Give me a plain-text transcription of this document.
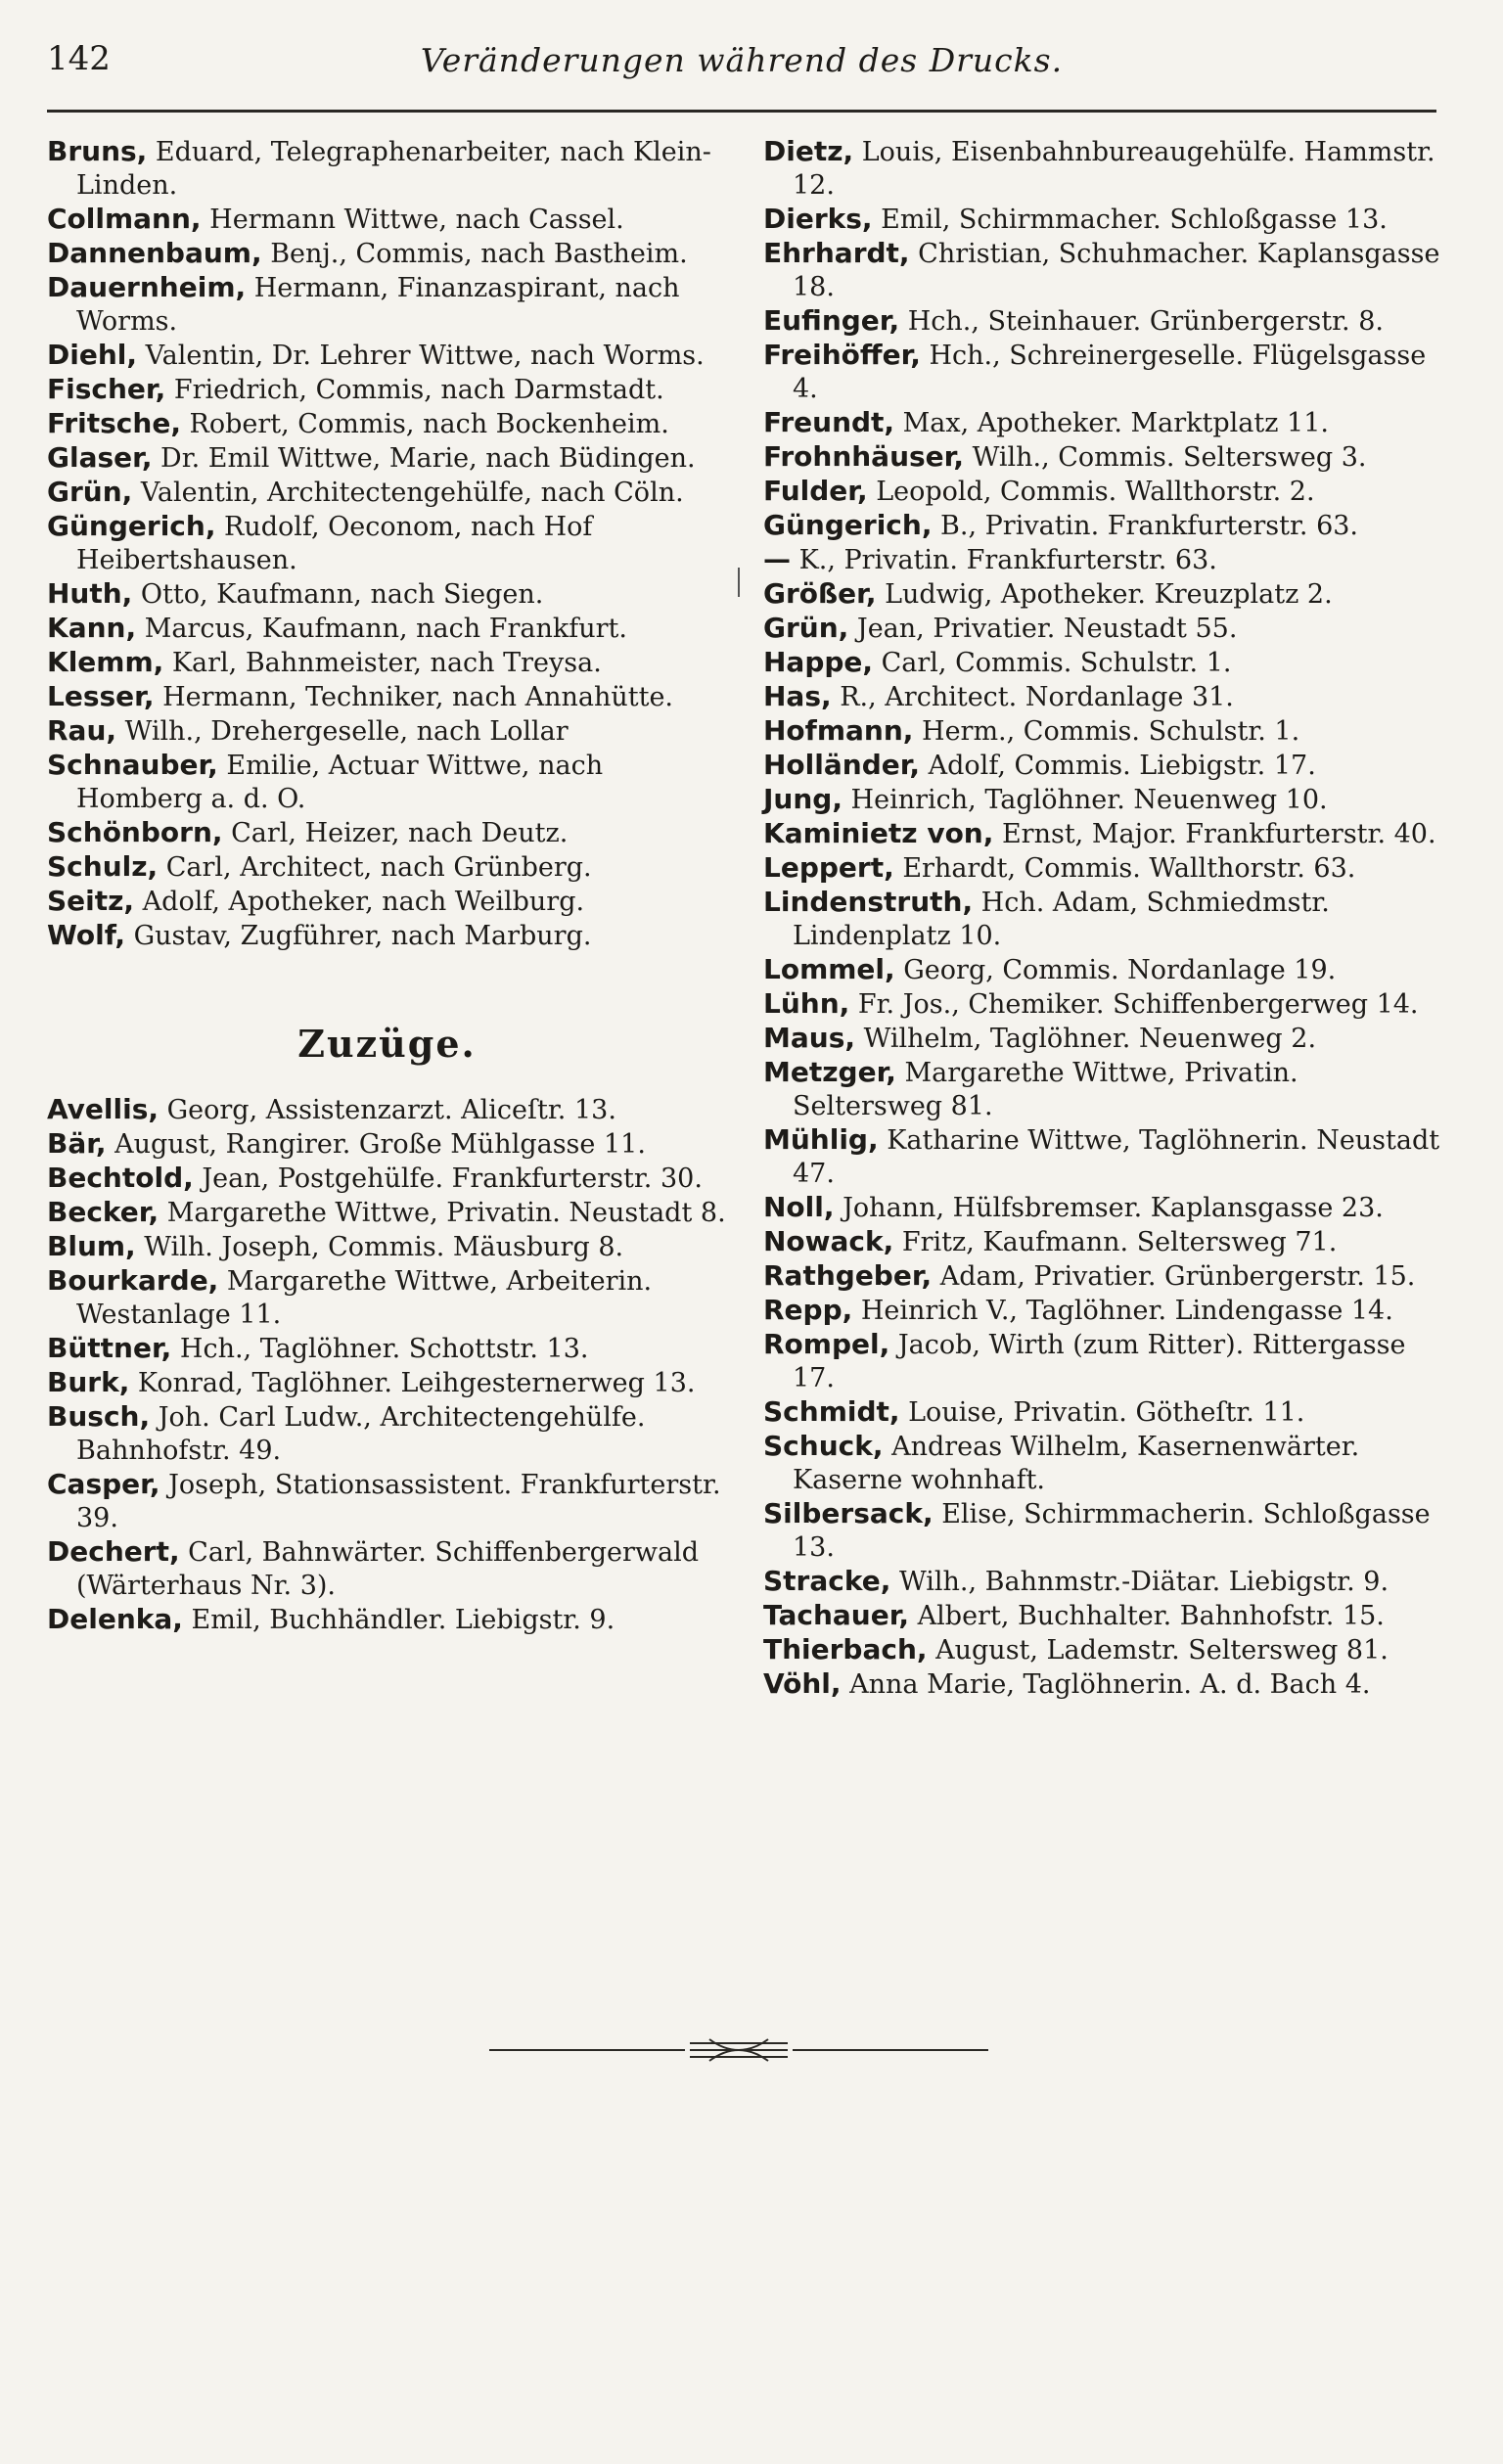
142	Veränderungen während des Drucks.

Bruns, Eduard, Telegraphenarbeiter, nach Klein-Linden.

Collmann, Hermann Wittwe, nach Cassel.

Dannenbaum, Benj., Commis, nach Bastheim.

Dauernheim, Hermann, Finanzaspirant, nach Worms.

Diehl, Valentin, Dr. Lehrer Wittwe, nach Worms.

Fischer, Friedrich, Commis, nach Darmstadt.

Fritsche, Robert, Commis, nach Bockenheim.

Glaser, Dr. Emil Wittwe, Marie, nach Büdingen.

Grün, Valentin, Architectengehülfe, nach Cöln.

Güngerich, Rudolf, Oeconom, nach Hof Heibertshausen.

Huth, Otto, Kaufmann, nach Siegen.

Kann, Marcus, Kaufmann, nach Frankfurt.

Klemm, Karl, Bahnmeister, nach Treysa.

Lesser, Hermann, Techniker, nach Annahütte.

Rau, Wilh., Drehergeselle, nach Lollar

Schnauber, Emilie, Actuar Wittwe, nach Homberg a. d. O.

Schönborn, Carl, Heizer, nach Deutz.

Schulz, Carl, Architect, nach Grünberg.

Seitz, Adolf, Apotheker, nach Weilburg.

Wolf, Gustav, Zugführer, nach Marburg.

Zuzüge.

Avellis, Georg, Assistenzarzt. Aliceſtr. 13.

Bär, August, Rangirer. Große Mühlgasse 11.

Bechtold, Jean, Postgehülfe. Frankfurterstr. 30.

Becker, Margarethe Wittwe, Privatin. Neustadt 8.

Blum, Wilh. Joseph, Commis. Mäusburg 8.

Bourkarde, Margarethe Wittwe, Arbeiterin. Westanlage 11.

Büttner, Hch., Taglöhner. Schottstr. 13.

Burk, Konrad, Taglöhner. Leihgesternerweg 13.

Busch, Joh. Carl Ludw., Architectengehülfe. Bahnhofstr. 49.

Casper, Joseph, Stationsassistent. Frankfurterstr. 39.

Dechert, Carl, Bahnwärter. Schiffenbergerwald (Wärterhaus Nr. 3).

Delenka, Emil, Buchhändler. Liebigstr. 9.

Dietz, Louis, Eisenbahnbureaugehülfe. Hammstr. 12.

Dierks, Emil, Schirmmacher. Schloßgasse 13.

Ehrhardt, Christian, Schuhmacher. Kaplansgasse 18.

Eufinger, Hch., Steinhauer. Grünbergerstr. 8.

Freihöffer, Hch., Schreinergeselle. Flügelsgasse 4.

Freundt, Max, Apotheker. Marktplatz 11.

Frohnhäuser, Wilh., Commis. Seltersweg 3.

Fulder, Leopold, Commis. Wallthorstr. 2.

Güngerich, B., Privatin. Frankfurterstr. 63.

— K., Privatin. Frankfurterstr. 63.

Größer, Ludwig, Apotheker. Kreuzplatz 2.

Grün, Jean, Privatier. Neustadt 55.

Happe, Carl, Commis. Schulstr. 1.

Has, R., Architect. Nordanlage 31.

Hofmann, Herm., Commis. Schulstr. 1.

Holländer, Adolf, Commis. Liebigstr. 17.

Jung, Heinrich, Taglöhner. Neuenweg 10.

Kaminietz von, Ernst, Major. Frankfurterstr. 40.

Leppert, Erhardt, Commis. Wallthorstr. 63.

Lindenstruth, Hch. Adam, Schmiedmstr. Lindenplatz 10.

Lommel, Georg, Commis. Nordanlage 19.

Lühn, Fr. Jos., Chemiker. Schiffenbergerweg 14.

Maus, Wilhelm, Taglöhner. Neuenweg 2.

Metzger, Margarethe Wittwe, Privatin. Seltersweg 81.

Mühlig, Katharine Wittwe, Taglöhnerin. Neustadt 47.

Noll, Johann, Hülfsbremser. Kaplansgasse 23.

Nowack, Fritz, Kaufmann. Seltersweg 71.

Rathgeber, Adam, Privatier. Grünbergerstr. 15.

Repp, Heinrich V., Taglöhner. Lindengasse 14.

Rompel, Jacob, Wirth (zum Ritter). Rittergasse 17.

Schmidt, Louise, Privatin. Götheſtr. 11.

Schuck, Andreas Wilhelm, Kasernenwärter. Kaserne wohnhaft.

Silbersack, Elise, Schirmmacherin. Schloßgasse 13.

Stracke, Wilh., Bahnmstr.-Diätar. Liebigstr. 9.

Tachauer, Albert, Buchhalter. Bahnhofstr. 15.

Thierbach, August, Lademstr. Seltersweg 81.

Vöhl, Anna Marie, Taglöhnerin. A. d. Bach 4.
